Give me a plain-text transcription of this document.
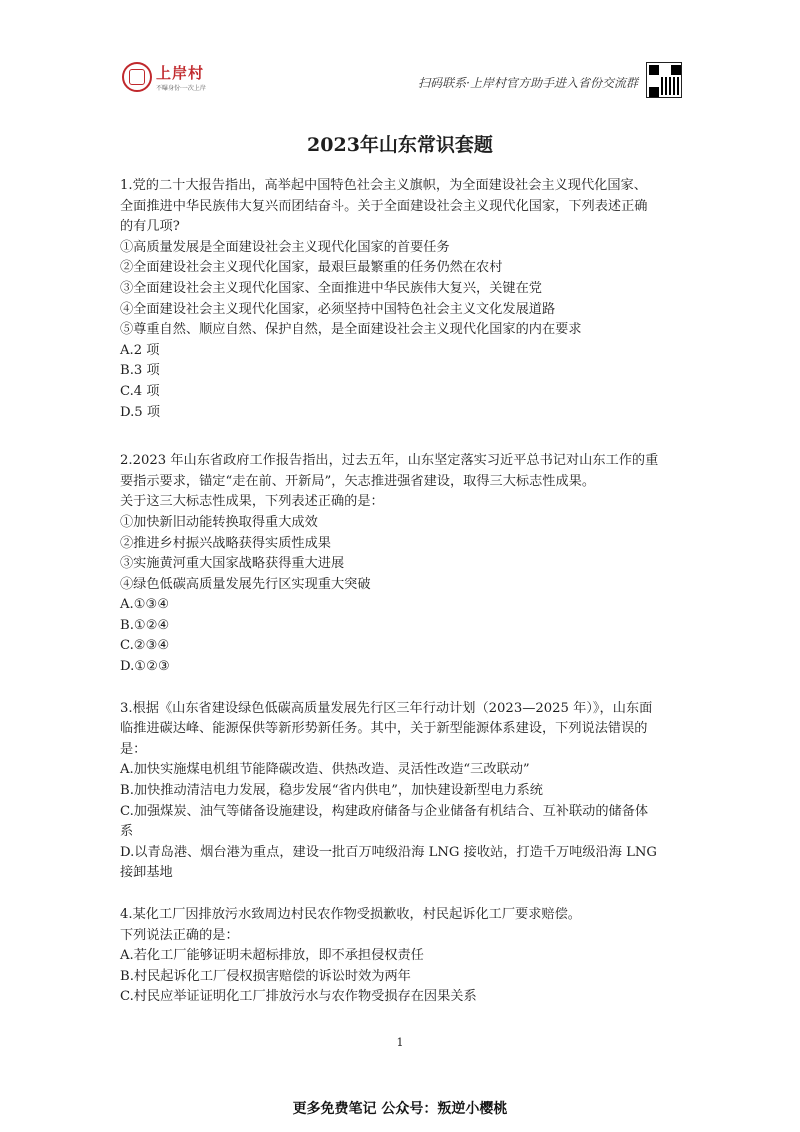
上岸村
不曝身份·一次上岸	扫码联系·上岸村官方助手进入省份交流群
2023年山东常识套题
1.党的二十大报告指出，高举起中国特色社会主义旗帜，为全面建设社会主义现代化国家、
全面推进中华民族伟大复兴而团结奋斗。关于全面建设社会主义现代化国家，下列表述正确
的有几项?
①高质量发展是全面建设社会主义现代化国家的首要任务
②全面建设社会主义现代化国家，最艰巨最繁重的任务仍然在农村
③全面建设社会主义现代化国家、全面推进中华民族伟大复兴，关键在党
④全面建设社会主义现代化国家，必须坚持中国特色社会主义文化发展道路
⑤尊重自然、顺应自然、保护自然，是全面建设社会主义现代化国家的内在要求
A.2 项
B.3 项
C.4 项
D.5 项
2.2023 年山东省政府工作报告指出，过去五年，山东坚定落实习近平总书记对山东工作的重
要指示要求，锚定“走在前、开新局”，矢志推进强省建设，取得三大标志性成果。
关于这三大标志性成果，下列表述正确的是：
①加快新旧动能转换取得重大成效
②推进乡村振兴战略获得实质性成果
③实施黄河重大国家战略获得重大进展
④绿色低碳高质量发展先行区实现重大突破
A.①③④
B.①②④
C.②③④
D.①②③
3.根据《山东省建设绿色低碳高质量发展先行区三年行动计划（2023—2025 年）》，山东面
临推进碳达峰、能源保供等新形势新任务。其中，关于新型能源体系建设，下列说法错误的
是：
A.加快实施煤电机组节能降碳改造、供热改造、灵活性改造“三改联动”
B.加快推动清洁电力发展，稳步发展“省内供电”，加快建设新型电力系统
C.加强煤炭、油气等储备设施建设，构建政府储备与企业储备有机结合、互补联动的储备体
系
D.以青岛港、烟台港为重点，建设一批百万吨级沿海 LNG 接收站，打造千万吨级沿海 LNG
接卸基地
4.某化工厂因排放污水致周边村民农作物受损歉收，村民起诉化工厂要求赔偿。
下列说法正确的是：
A.若化工厂能够证明未超标排放，即不承担侵权责任
B.村民起诉化工厂侵权损害赔偿的诉讼时效为两年
C.村民应举证证明化工厂排放污水与农作物受损存在因果关系
1
更多免费笔记 公众号：叛逆小樱桃
